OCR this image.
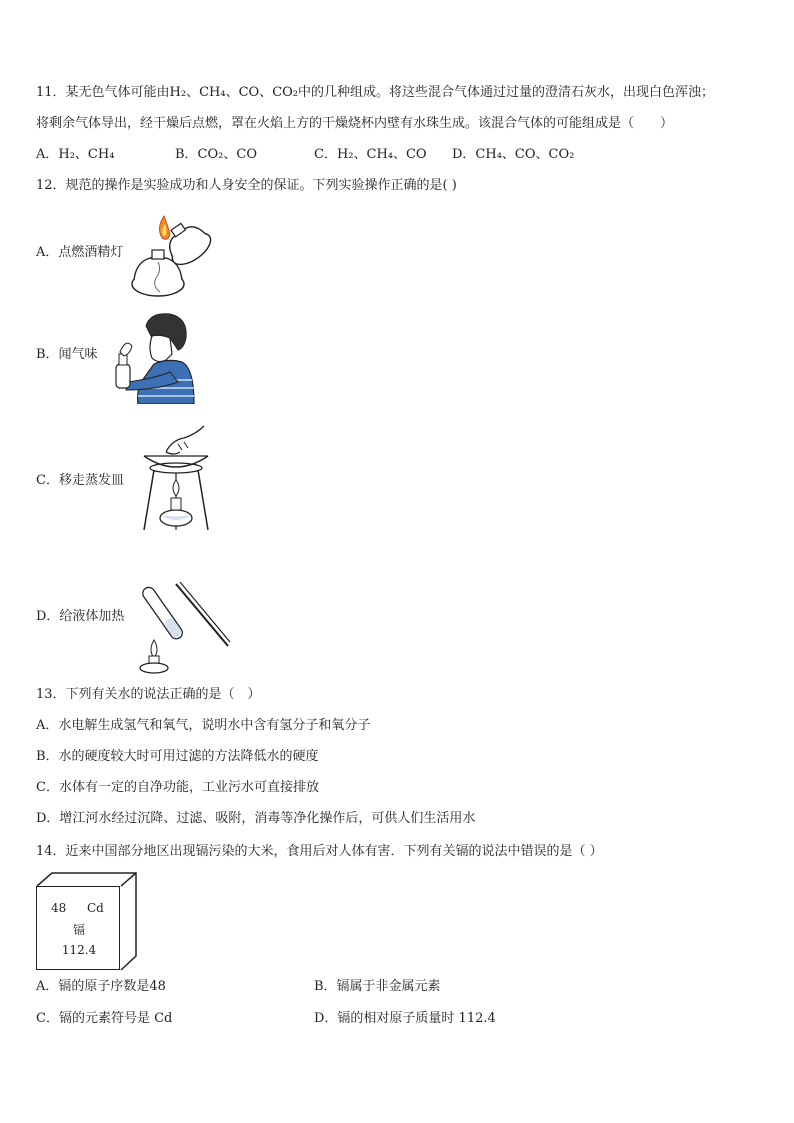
11．某无色气体可能由H₂、CH₄、CO、CO₂中的几种组成。将这些混合气体通过过量的澄清石灰水，出现白色浑浊；
将剩余气体导出，经干燥后点燃，罩在火焰上方的干燥烧杯内壁有水珠生成。该混合气体的可能组成是（　　）
A．H₂、CH₄	B．CO₂、CO	C．H₂、CH₄、CO D．CH₄、CO、CO₂
12．规范的操作是实验成功和人身安全的保证。下列实验操作正确的是( )
A．点燃酒精灯
B．闻气味
C．移走蒸发皿
D．给液体加热
13．下列有关水的说法正确的是（　）
A．水电解生成氢气和氧气，说明水中含有氢分子和氧分子
B．水的硬度较大时可用过滤的方法降低水的硬度
C．水体有一定的自净功能，工业污水可直接排放
D．增江河水经过沉降、过滤、吸附，消毒等净化操作后，可供人们生活用水
14．近来中国部分地区出现镉污染的大米，食用后对人体有害．下列有关镉的说法中错误的是（ ）
48 Cd
镉
112.4
A．镉的原子序数是48	B．镉属于非金属元素
C．镉的元素符号是 Cd	D．镉的相对原子质量时 112.4
